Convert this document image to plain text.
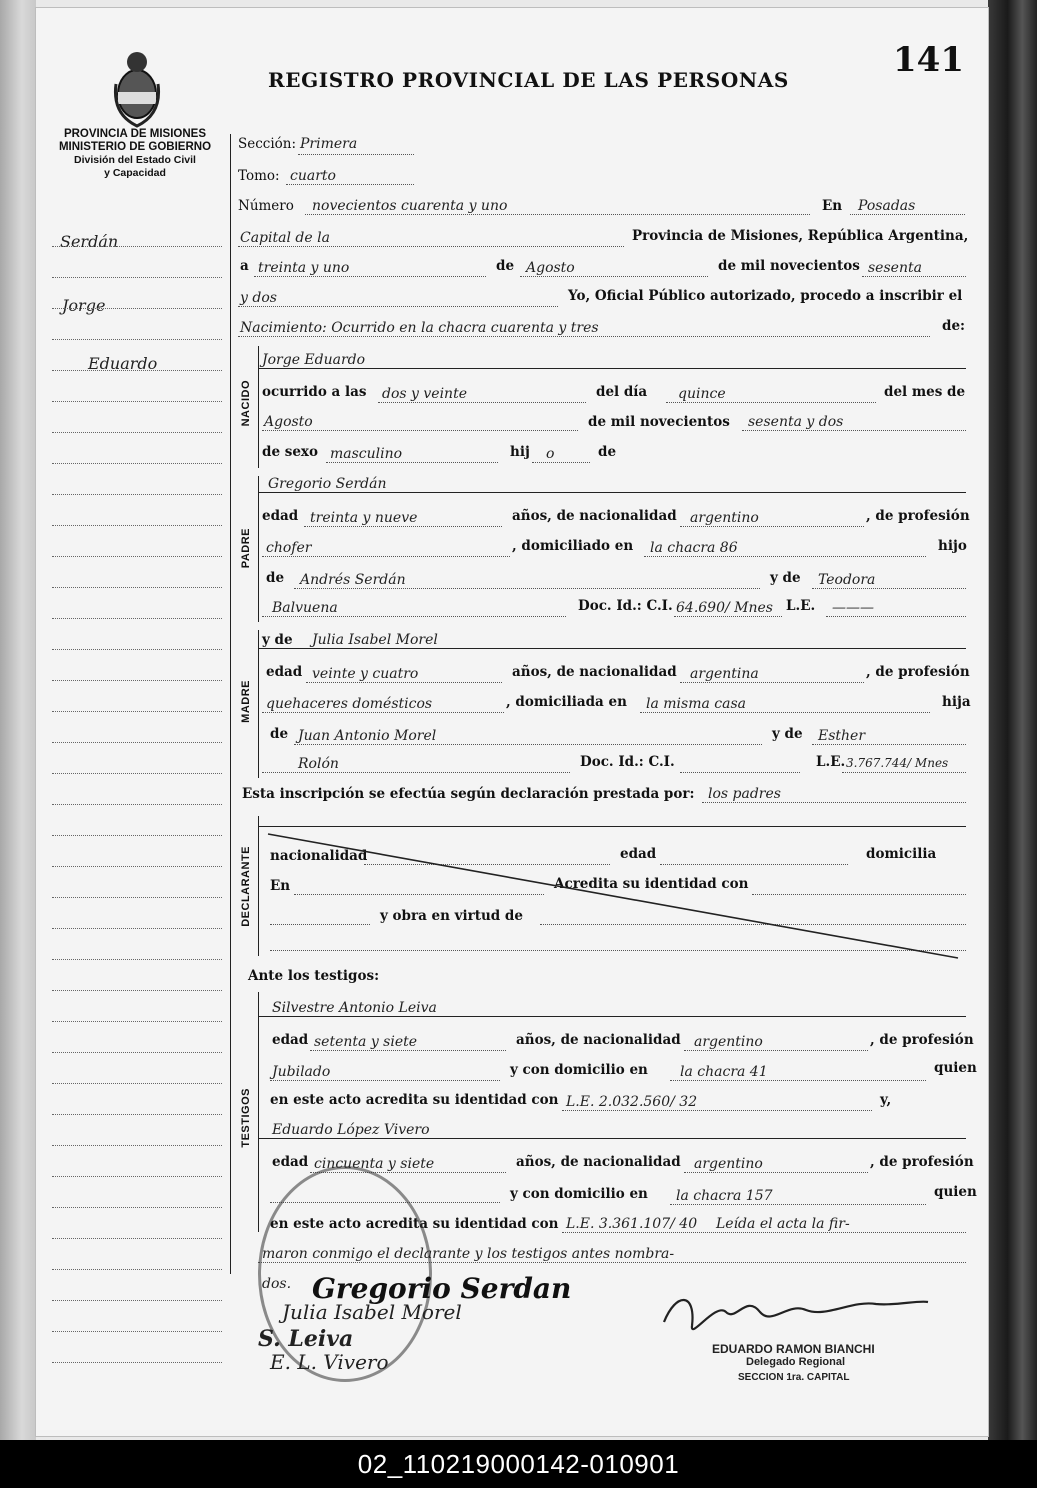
REGISTRO PROVINCIAL DE LAS PERSONAS	141
PROVINCIA DE MISIONES
MINISTERIO DE GOBIERNO
División del Estado Civil
y Capacidad
Serdán
Jorge
Eduardo
NACIDO
PADRE
MADRE
DECLARANTE
TESTIGOS
Sección: Primera
Tomo: cuarto
Número novecientos cuarenta y uno	En Posadas
Capital de la	Provincia de Misiones, República Argentina,
a treinta y uno	de Agosto	de mil novecientos sesenta
y dos	Yo, Oficial Público autorizado, procedo a inscribir el
Nacimiento: Ocurrido en la chacra cuarenta y tres	de:
Jorge Eduardo
ocurrido a las dos y veinte	del día quince	del mes de
Agosto	de mil novecientos sesenta y dos
de sexo masculino	hij o	de
Gregorio Serdán
edad treinta y nueve	años, de nacionalidad argentino	, de profesión
chofer	, domiciliado en la chacra 86	hijo
de Andrés Serdán	y de Teodora
Balvuena	Doc. Id.: C.I. 64.690/ Mnes L.E. ———
y de Julia Isabel Morel
edad veinte y cuatro	años, de nacionalidad argentina	, de profesión
quehaceres domésticos	, domiciliada en la misma casa	hija
de Juan Antonio Morel	y de Esther
Rolón	Doc. Id.: C.I.	L.E. 3.767.744/ Mnes
Esta inscripción se efectúa según declaración prestada por: los padres
nacionalidad	edad	domicilia
En	Acredita su identidad con
y obra en virtud de
Ante los testigos:
Silvestre Antonio Leiva
edad setenta y siete	años, de nacionalidad argentino	, de profesión
Jubilado	y con domicilio en la chacra 41	quien
en este acto acredita su identidad con L.E. 2.032.560/ 32	y,
Eduardo López Vivero
edad cincuenta y siete	años, de nacionalidad argentino	, de profesión
y con domicilio en la chacra 157	quien
en este acto acredita su identidad con L.E. 3.361.107/ 40 Leída el acta la fir-
maron conmigo el declarante y los testigos antes nombra-
dos. Gregorio Serdan
Julia Isabel Morel
S. Leiva
E. L. Vivero
EDUARDO RAMON BIANCHI
Delegado Regional
SECCION 1ra. CAPITAL
02_110219000142-010901
